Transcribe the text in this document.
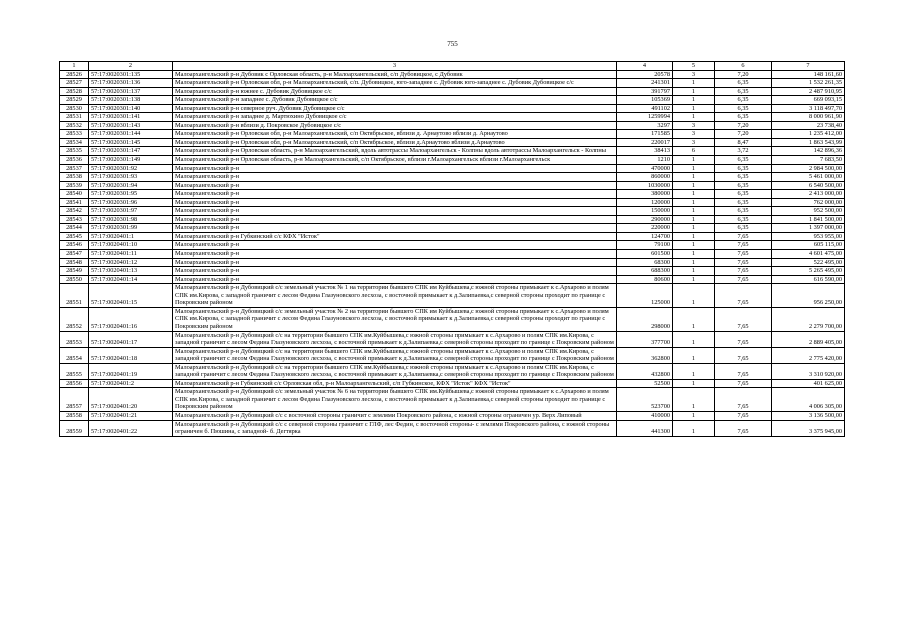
755
1	2	3	4	5	6	7
28526	57:17:0020301:135	Малоархангельский р-н Дубовик с Орловская область, р-н Малоархангельский, с/п Дубовицкое, с Дубовик	20578	3	7,20	148 161,60
28527	57:17:0020301:136	Малоархангельский р-н Орловская обл, р-н Малоархангельский, с/п. Дубовицкое, юго-западнее с. Дубовик юго-западнее с. Дубовик Дубовицкое с/с	241301	1	6,35	1 532 261,35
28528	57:17:0020301:137	Малоархангельский р-н южнее с. Дубовик Дубовицкое с/с	391797	1	6,35	2 487 910,95
28529	57:17:0020301:138	Малоархангельский р-н западнее с. Дубовик Дубовицкое с/с	105369	1	6,35	669 093,15
28530	57:17:0020301:140	Малоархангельский р-н северное руч. Дубовик Дубовицкое с/с	491102	1	6,35	3 118 497,70
28531	57:17:0020301:141	Малоархангельский р-н западнее д. Мартюхино Дубовицкое с/с	1259994	1	6,35	8 000 961,90
28532	57:17:0020301:143	Малоархангельский р-н вблизи д. Покровское Дубовицкое с/с	3297	3	7,20	23 738,40
28533	57:17:0020301:144	Малоархангельский р-н Орловская обл, р-н Малоархангельский, с/п Октябрьское, вблизи д. Арнаутово вблизи д. Арнаутово	171585	3	7,20	1 235 412,00
28534	57:17:0020301:145	Малоархангельский р-н Орловская обл, р-н Малоархангельский, с/п Октябрьское, вблизи д.Арнаутово вблизи д.Арнаутово	220017	3	8,47	1 863 543,99
28535	57:17:0020301:147	Малоархангельский р-н Орловская область, р-н Малоархангельский, вдоль автотрассы Малоархангельск - Колпны вдоль автотрассы Малоархангельск - Колпны	38413	6	3,72	142 896,36
28536	57:17:0020301:149	Малоархангельский р-н Орловская область, р-н Малоархангельский, с/п Октябрьское, вблизи г.Малоархангельск вблизи г.Малоархангельск	1210	1	6,35	7 683,50
28537	57:17:0020301:92	Малоархангельский р-н	470000	1	6,35	2 984 500,00
28538	57:17:0020301:93	Малоархангельский р-н	860000	1	6,35	5 461 000,00
28539	57:17:0020301:94	Малоархангельский р-н	1030000	1	6,35	6 540 500,00
28540	57:17:0020301:95	Малоархангельский р-н	380000	1	6,35	2 413 000,00
28541	57:17:0020301:96	Малоархангельский р-н	120000	1	6,35	762 000,00
28542	57:17:0020301:97	Малоархангельский р-н	150000	1	6,35	952 500,00
28543	57:17:0020301:98	Малоархангельский р-н	290000	1	6,35	1 841 500,00
28544	57:17:0020301:99	Малоархангельский р-н	220000	1	6,35	1 397 000,00
28545	57:17:0020401:1	Малоархангельский р-н Губкинский с/с КФХ "Исток"	124700	1	7,65	953 955,00
28546	57:17:0020401:10	Малоархангельский р-н	79100	1	7,65	605 115,00
28547	57:17:0020401:11	Малоархангельский р-н	601500	1	7,65	4 601 475,00
28548	57:17:0020401:12	Малоархангельский р-н	68300	1	7,65	522 495,00
28549	57:17:0020401:13	Малоархангельский р-н	688300	1	7,65	5 265 495,00
28550	57:17:0020401:14	Малоархангельский р-н	80600	1	7,65	616 590,00
28551	57:17:0020401:15	Малоархангельский р-н Дубовицкий с/с земельный участок № 1 на территории бывшего СПК им Куйбышева,с южной стороны примыкает к с.Архарово и полям СПК им.Кирова, с западной граничит с лесом Федина Глазуновского лесхоза, с восточной примыкает к д.Залипаевка,с северной стороны проходит по границе с Покровским районом	125000	1	7,65	956 250,00
28552	57:17:0020401:16	Малоархангельский р-н Дубовицкий с/с земельный участок № 2 на территории бывшего СПК им Куйбышева,с южной стороны примыкает к с.Архарово и полям СПК им.Кирова, с западной граничит с лесом Федина Глазуновского лесхоза, с восточной примыкает к д.Залипаевка,с северной стороны проходит по границе с Покровским районом	298000	1	7,65	2 279 700,00
28553	57:17:0020401:17	Малоархангельский р-н Дубовицкий с/с на территории бывшего СПК им.Куйбышева,с южной стороны примыкает к с.Архарово и полям СПК им.Кирова, с западной граничит с лесом Федина Глазуновского лесхоза, с восточной примыкает к д.Залипаевка,с северной стороны проходит по границе с Покровским районом	377700	1	7,65	2 889 405,00
28554	57:17:0020401:18	Малоархангельский р-н Дубовицкий с/с на территории бывшего СПК им.Куйбышева,с южной стороны примыкает к с.Архарово и полям СПК им.Кирова, с западной граничит с лесом Федина Глазуновского лесхоза, с восточной примыкает к д.Залипаевка,с северной стороны проходит по границе с Покровским районом	362800	1	7,65	2 775 420,00
28555	57:17:0020401:19	Малоархангельский р-н Дубовицкий с/с на территории бывшего СПК им.Куйбышева,с южной стороны примыкает к с.Архарово и полям СПК им.Кирова, с западной граничит с лесом Федина Глазуновского лесхоза, с восточной примыкает к д.Залипаевка,с северной стороны проходит по границе с Покровским районом	432800	1	7,65	3 310 920,00
28556	57:17:0020401:2	Малоархангельский р-н Губкинский с/с Орловская обл, р-н Малоархангельский, с/п Губкинское, КФХ "Исток" КФХ "Исток"	52500	1	7,65	401 625,00
28557	57:17:0020401:20	Малоархангельский р-н Дубовицкий с/с земельный участок № 6 на территории бывшего СПК им.Куйбышева,с южной стороны примыкает к с.Архарово и полям СПК им.Кирова, с западной граничит с лесом Федина Глазуновского лесхоза, с восточной примыкает к д.Залипаевка,с северной стороны проходит по границе с Покровским районом	523700	1	7,65	4 006 305,00
28558	57:17:0020401:21	Малоархангельский р-н Дубовицкий с/с с восточной стороны граничит с землями Покровского района, с южной стороны ограничен ур. Верх Липовый	410000	1	7,65	3 136 500,00
28559	57:17:0020401:22	Малоархангельский р-н Дубовицкий с/с с северной стороны граничит с ГЛФ, лес Федин, с восточной стороны- с землями Покровского района, с южной стороны ограничен б. Пюшина, с западной- б. Дегтярка	441300	1	7,65	3 375 945,00
